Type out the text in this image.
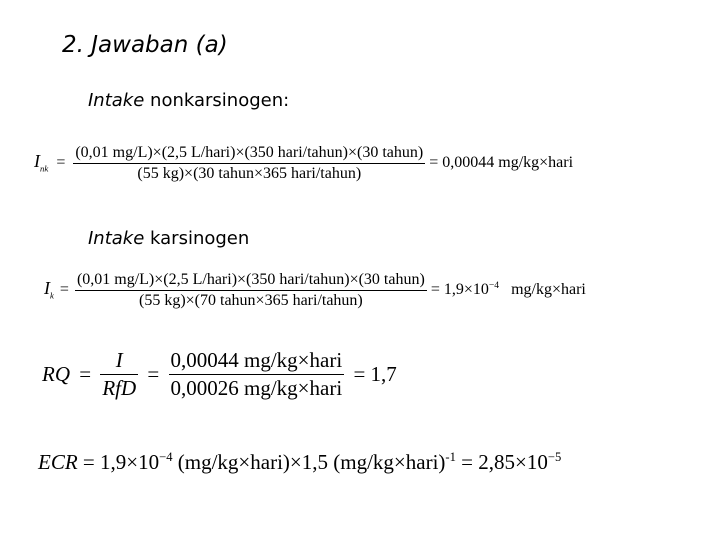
2. Jawaban (a)
Intake nonkarsinogen:
$I_{nk} = \frac{\text{(0,01 mg/L)×(2,5 L/hari)×(350 hari/tahun)×(30 tahun)}}{\text{(55 kg)×(30 tahun×365 hari/tahun)}} = 0,00044$ mg/kg×hari
Intake karsinogen
$I_k = \frac{\text{(0,01 mg/L)×(2,5 L/hari)×(350 hari/tahun)×(30 tahun)}}{\text{(55 kg)×(70 tahun×365 hari/tahun)}} = 1,9\times 10^{-4}$ mg/kg×hari
RQ = $\frac{I}{\text{RfD}} = \frac{\text{0,00044 mg/kg×hari}}{\text{0,00026 mg/kg×hari}} = 1,7$
ECR = $1,9\times 10^{-4}$ (mg/kg×hari)×1,5 (mg/kg×hari)$^{-1}$ = $2,85\times 10^{-5}$
